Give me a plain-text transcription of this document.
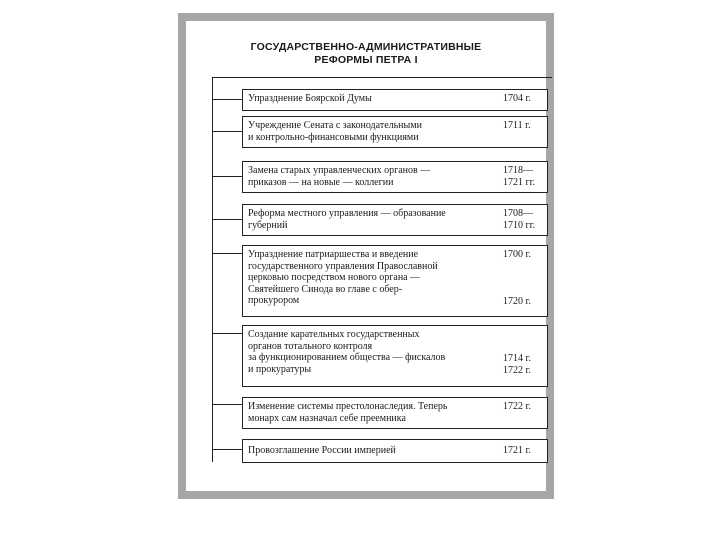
ГОСУДАРСТВЕННО-АДМИНИСТРАТИВНЫЕ
РЕФОРМЫ ПЕТРА I
Упразднение Боярской Думы	1704 г.
Учреждение Сената с законодательными
и контрольно-финансовыми функциями
1711 г.
Замена старых управленческих органов —
приказов — на новые — коллегии
1718—
1721 гг.
Реформа местного управления — образование
губерний
1708—
1710 гг.
Упразднение патриаршества и введение
государственного управления Православной
церковью посредством нового органа —
Святейшего Синода во главе с обер-
прокурором
1700 г.
1720 г.
Создание карательных государственных
органов тотального контроля
за функционированием общества — фискалов
и прокуратуры
1714 г.
1722 г.
Изменение системы престолонаследия. Теперь
монарх сам назначал себе преемника
1722 г.
Провозглашение России империей	1721 г.
